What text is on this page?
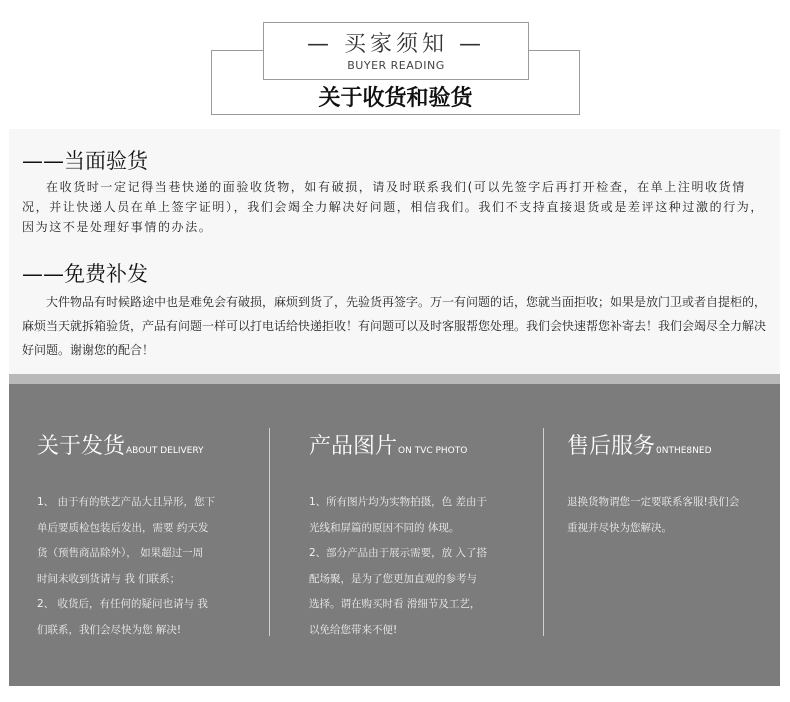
— 买家须知 —
BUYER READING
关于收货和验货
——当面验货
在收货时一定记得当巷快递的面验收货物，如有破损，请及时联系我们(可以先签字后再打开检查，在单上注明收货情况，并让快递人员在单上签字证明），我们会竭全力解决好问题，相信我们。我们不支持直接退货或是差评这种过激的行为，因为这不是处理好事情的办法。
——免费补发
大件物品有时候路途中也是难免会有破损，麻烦到货了，先验货再签字。万一有问题的话，您就当面拒收；如果是放门卫或者自提柜的，麻烦当天就拆箱验货，产品有问题一样可以打电话给快递拒收！有问题可以及时客服帮您处理。我们会快速帮您补寄去！我们会竭尽全力解决好问题。谢谢您的配合！
关于发货ABOUT DELIVERY
1、 由于有的铁艺产品大且异形，您下
单后要质检包装后发出，需要 约天发
货（预售商品除外）， 如果超过一周
时间未收到货请与 我 们联系；
2、 收货后，有任何的疑问也请与 我
们联系，我们会尽快为您 解决!
产品图片ON TVC PHOTO
1、所有图片均为实物拍摄，色 差由于
光线和屏篇的原因不同的 体现。
2、部分产品由于展示需要，放 入了搭
配场聚，是为了您更加直观的参考与
选择。谓在购买时看 滑细节及工艺，
以免给您带来不便!
售后服务0NTHE8NED
退换货物谓您一定要联系客服!我们会
重视并尽快为您解决。
